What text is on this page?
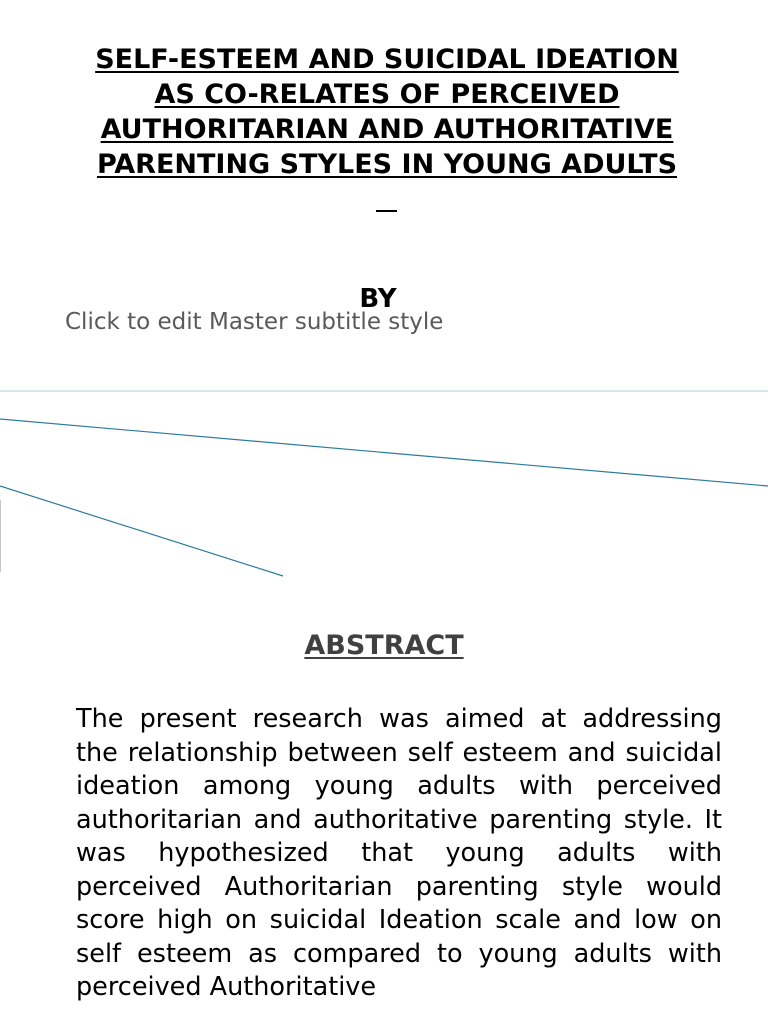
SELF-ESTEEM AND SUICIDAL IDEATION
AS CO-RELATES OF PERCEIVED
AUTHORITARIAN AND AUTHORITATIVE
PARENTING STYLES IN YOUNG ADULTS
BY
Click to edit Master subtitle style
ABSTRACT

The present research was aimed at addressing the relationship between self esteem and suicidal ideation among young adults with perceived authoritarian and authoritative parenting style. It was hypothesized that young adults with perceived Authoritarian parenting style would score high on suicidal Ideation scale and low on self esteem as compared to young adults with perceived Authoritative
